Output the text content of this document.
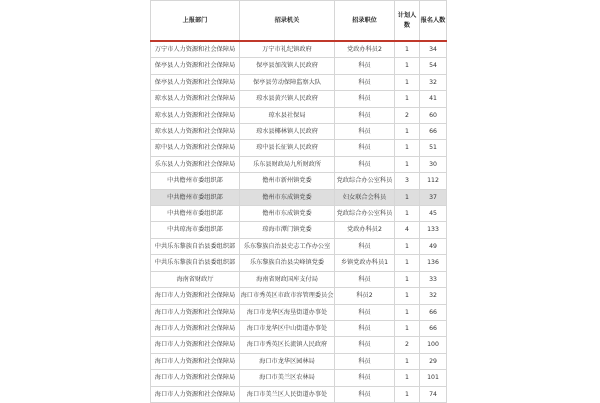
上报部门	招录机关	招录职位	计划人数	报名人数
万宁市人力资源和社会保障局	万宁市礼纪镇政府	党政办科员2	1	34
保亭县人力资源和社会保障局	保亭县加茂镇人民政府	科员	1	54
保亭县人力资源和社会保障局	保亭县劳动保障监察大队	科员	1	32
琼水县人力资源和社会保障局	琼水县黄兴镇人民政府	科员	1	41
琼水县人力资源和社会保障局	琼水县社保局	科员	2	60
琼水县人力资源和社会保障局	琼水县椰林镇人民政府	科员	1	66
琼中县人力资源和社会保障局	琼中县长征镇人民政府	科员	1	51
乐东县人力资源和社会保障局	乐东县财政局九所财政所	科员	1	30
中共儋州市委组织部	儋州市新州镇党委	党政综合办公室科员	3	112
中共儋州市委组织部	儋州市东成镇党委	妇女联合会科员	1	37
中共儋州市委组织部	儋州市东成镇党委	党政综合办公室科员	1	45
中共琼海市委组织部	琼海市潭门镇党委	党政办科员2	4	133
中共乐东黎族自治县委组织部	乐东黎族自治县史志工作办公室	科员	1	49
中共乐东黎族自治县委组织部	乐东黎族自治县尖峰镇党委	乡镇党政办科员1	1	136
海南省财政厅	海南省财政国库支付局	科员	1	33
海口市人力资源和社会保障局	海口市秀英区市政市容管理委员会	科员2	1	32
海口市人力资源和社会保障局	海口市龙华区海垦街道办事处	科员	1	66
海口市人力资源和社会保障局	海口市龙华区中山街道办事处	科员	1	66
海口市人力资源和社会保障局	海口市秀英区长流镇人民政府	科员	2	100
海口市人力资源和社会保障局	海口市龙华区园林局	科员	1	29
海口市人力资源和社会保障局	海口市美兰区农林局	科员	1	101
海口市人力资源和社会保障局	海口市美兰区人民街道办事处	科员	1	74
